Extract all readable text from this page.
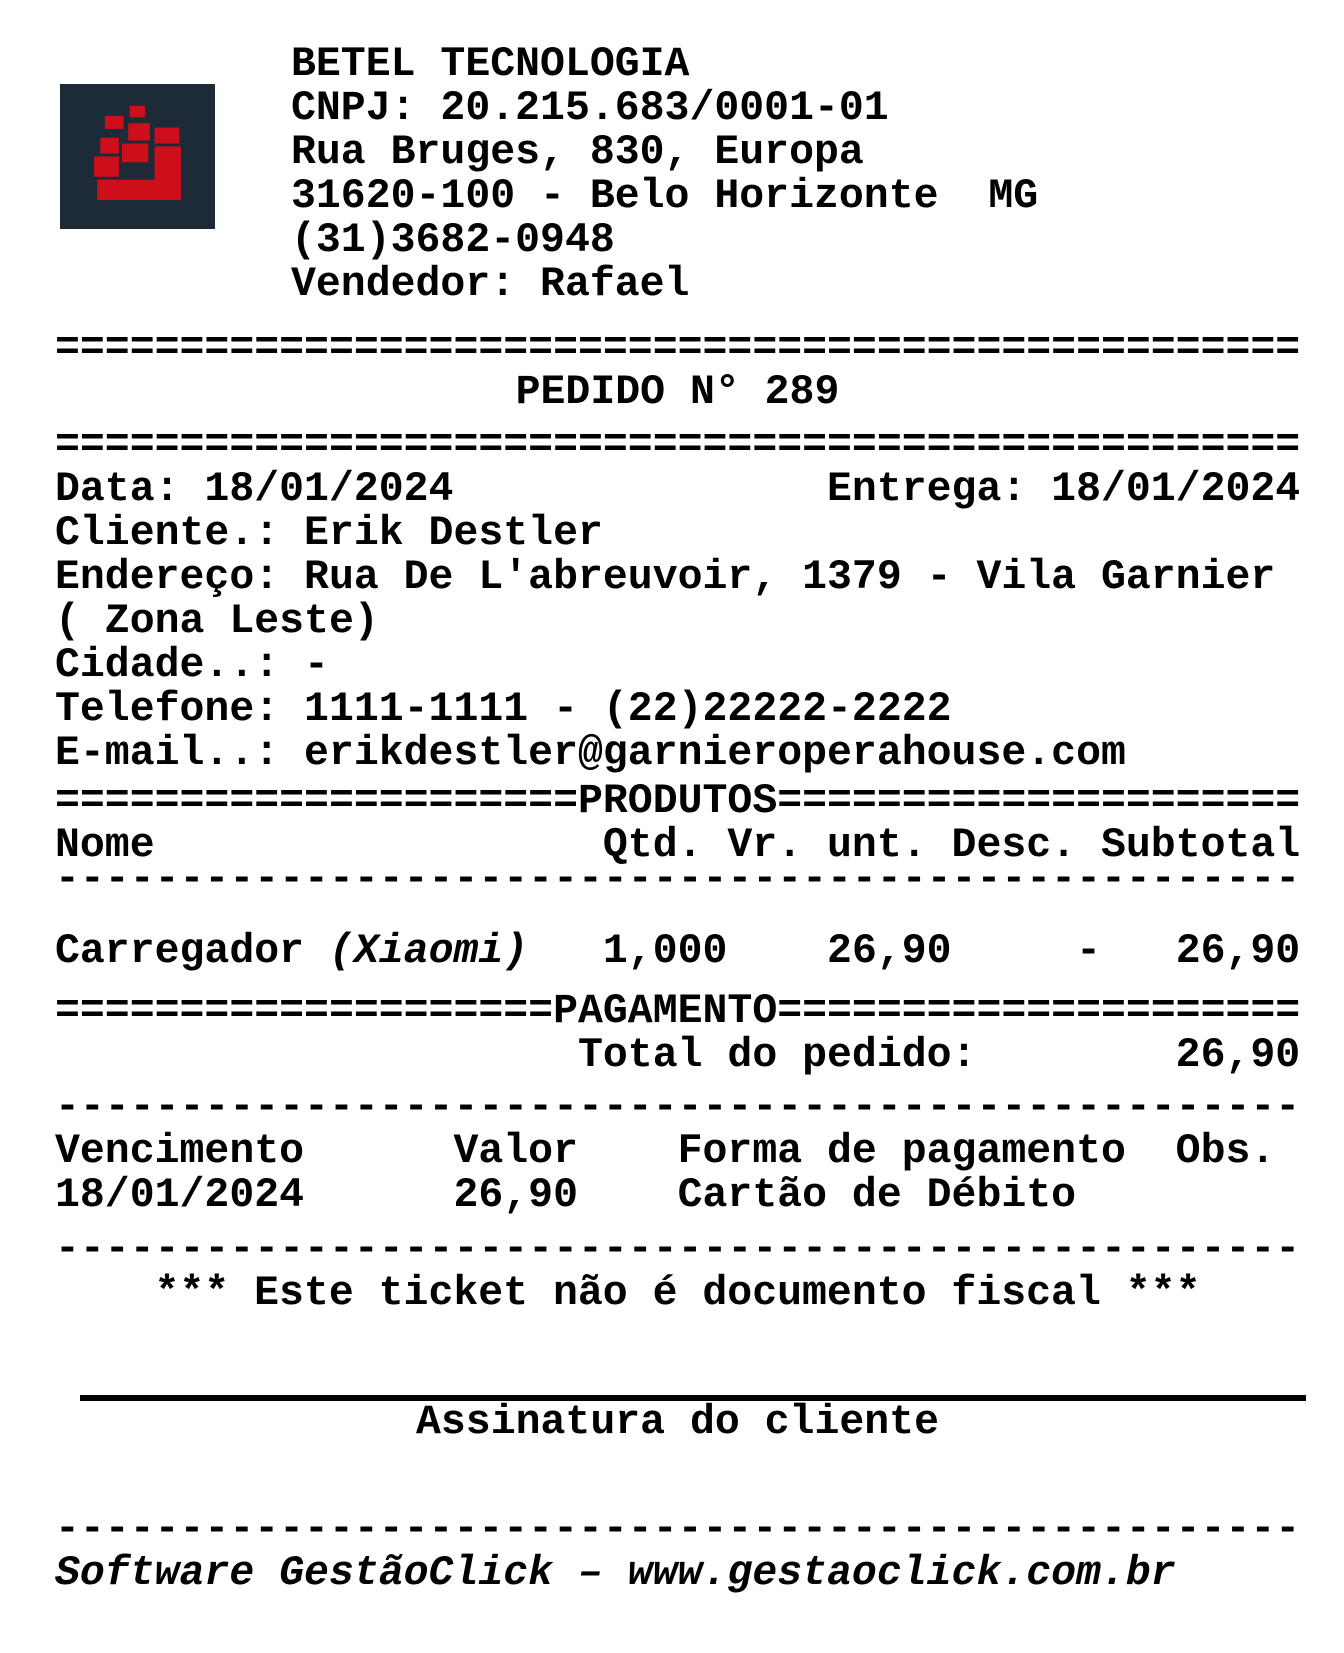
BETEL TECNOLOGIA
CNPJ: 20.215.683/0001-01
Rua Bruges, 830, Europa
31620-100 - Belo Horizonte  MG
(31)3682-0948
Vendedor: Rafael
==================================================
PEDIDO N° 289
==================================================
Data: 18/01/2024               Entrega: 18/01/2024
Cliente.: Erik Destler
Endereço: Rua De L'abreuvoir, 1379 - Vila Garnier
( Zona Leste)
Cidade..: -
Telefone: 1111-1111 - (22)22222-2222
E-mail..: erikdestler@garnieroperahouse.com
=====================PRODUTOS=====================
Nome                  Qtd. Vr. unt. Desc. Subtotal
--------------------------------------------------
Carregador (Xiaomi)   1,000    26,90     -   26,90
====================PAGAMENTO=====================
Total do pedido:        26,90
--------------------------------------------------
Vencimento      Valor    Forma de pagamento  Obs.
18/01/2024      26,90    Cartão de Débito
--------------------------------------------------
*** Este ticket não é documento fiscal ***
Assinatura do cliente
--------------------------------------------------
Software GestãoClick – www.gestaoclick.com.br
